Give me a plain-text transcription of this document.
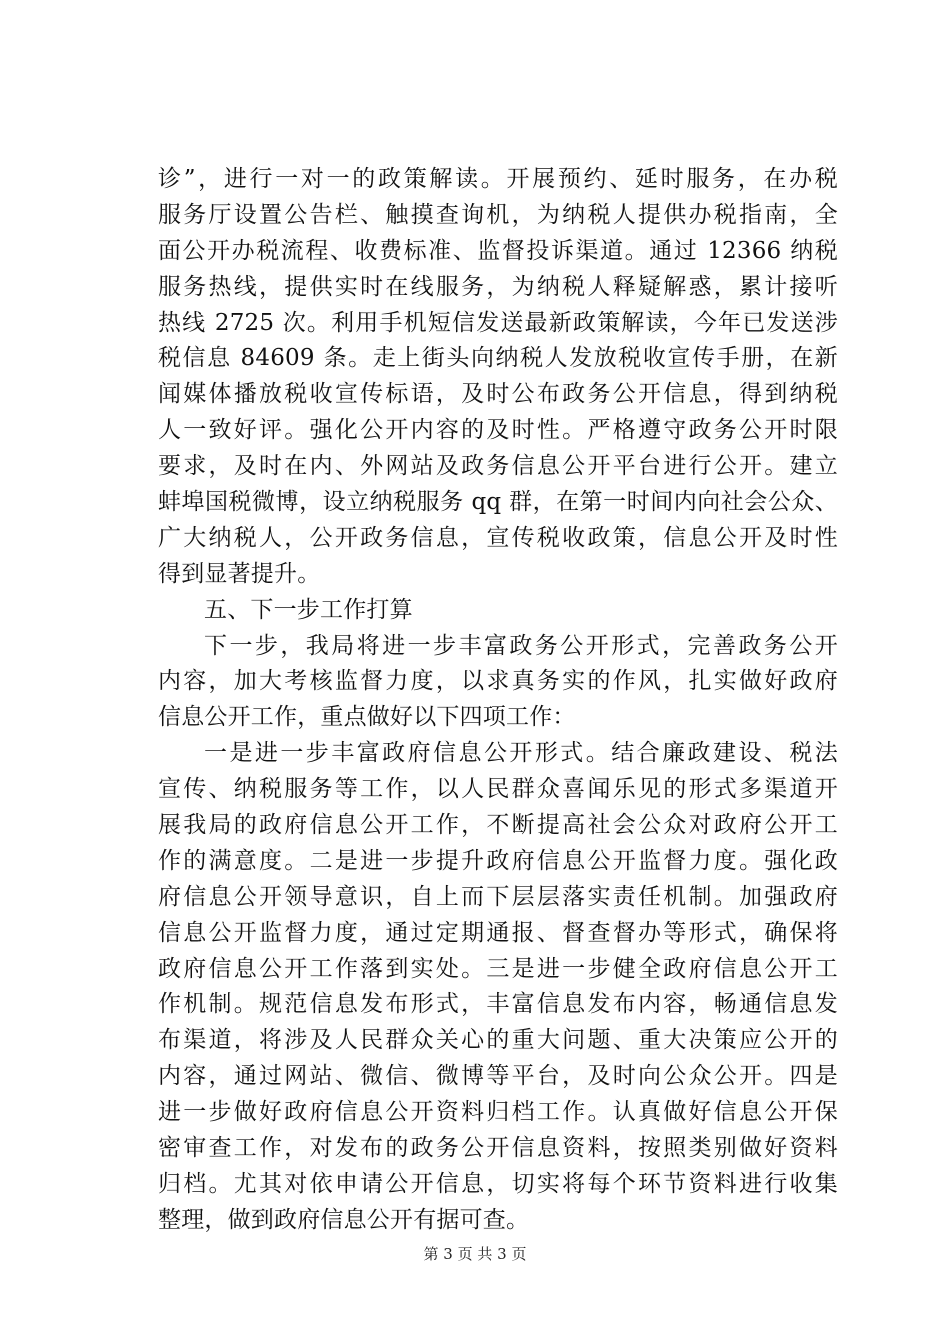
诊”，进行一对一的政策解读。开展预约、延时服务，在办税
服务厅设置公告栏、触摸查询机，为纳税人提供办税指南，全
面公开办税流程、收费标准、监督投诉渠道。通过 12366 纳税
服务热线，提供实时在线服务，为纳税人释疑解惑，累计接听
热线 2725 次。利用手机短信发送最新政策解读，今年已发送涉
税信息 84609 条。走上街头向纳税人发放税收宣传手册，在新
闻媒体播放税收宣传标语，及时公布政务公开信息，得到纳税
人一致好评。强化公开内容的及时性。严格遵守政务公开时限
要求，及时在内、外网站及政务信息公开平台进行公开。建立
蚌埠国税微博，设立纳税服务 qq 群，在第一时间内向社会公众、
广大纳税人，公开政务信息，宣传税收政策，信息公开及时性
得到显著提升。
五、下一步工作打算
下一步，我局将进一步丰富政务公开形式，完善政务公开
内容，加大考核监督力度，以求真务实的作风，扎实做好政府
信息公开工作，重点做好以下四项工作：
一是进一步丰富政府信息公开形式。结合廉政建设、税法
宣传、纳税服务等工作，以人民群众喜闻乐见的形式多渠道开
展我局的政府信息公开工作，不断提高社会公众对政府公开工
作的满意度。二是进一步提升政府信息公开监督力度。强化政
府信息公开领导意识，自上而下层层落实责任机制。加强政府
信息公开监督力度，通过定期通报、督查督办等形式，确保将
政府信息公开工作落到实处。三是进一步健全政府信息公开工
作机制。规范信息发布形式，丰富信息发布内容，畅通信息发
布渠道，将涉及人民群众关心的重大问题、重大决策应公开的
内容，通过网站、微信、微博等平台，及时向公众公开。四是
进一步做好政府信息公开资料归档工作。认真做好信息公开保
密审查工作，对发布的政务公开信息资料，按照类别做好资料
归档。尤其对依申请公开信息，切实将每个环节资料进行收集
整理，做到政府信息公开有据可查。
第 3 页 共 3 页
